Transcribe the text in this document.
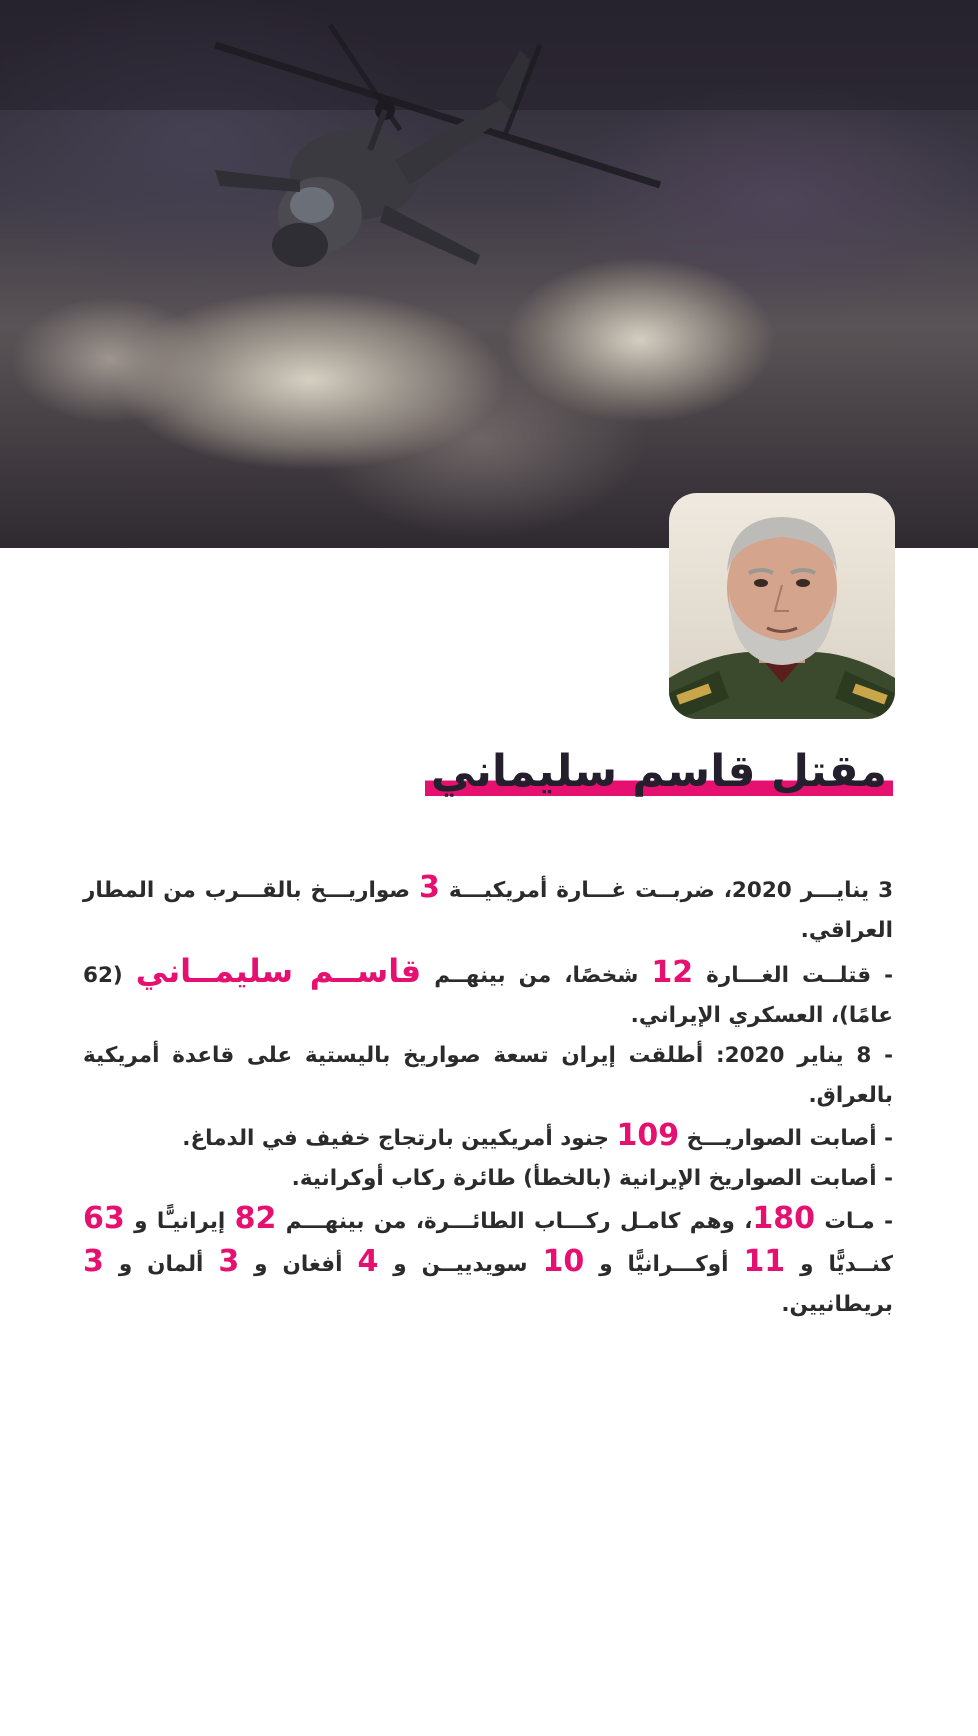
مقتل قاسم سليماني

3 ينايـــر 2020، ضربــت غـــارة أمريكيـــة 3 صواريـــخ بالقـــرب من المطار العراقي.

- قتلــت الغـــارة 12 شخصًا، من بينهــم قاســم سليمــاني (62 عامًا)، العسكري الإيراني.

- 8 يناير 2020: أطلقت إيران تسعة صواريخ باليستية على قاعدة أمريكية بالعراق.

- أصابت الصواريـــخ 109 جنود أمريكيين بارتجاج خفيف في الدماغ.

- أصابت الصواريخ الإيرانية (بالخطأ) طائرة ركاب أوكرانية.

- مـات 180، وهم كامـل ركـــاب الطائـــرة، من بينهـــم 82 إيرانيـًّا و 63 كنــديًّا و 11 أوكـــرانيًّا و 10 سويدييــن و 4 أفغان و 3 ألمان و 3 بريطانيين.
